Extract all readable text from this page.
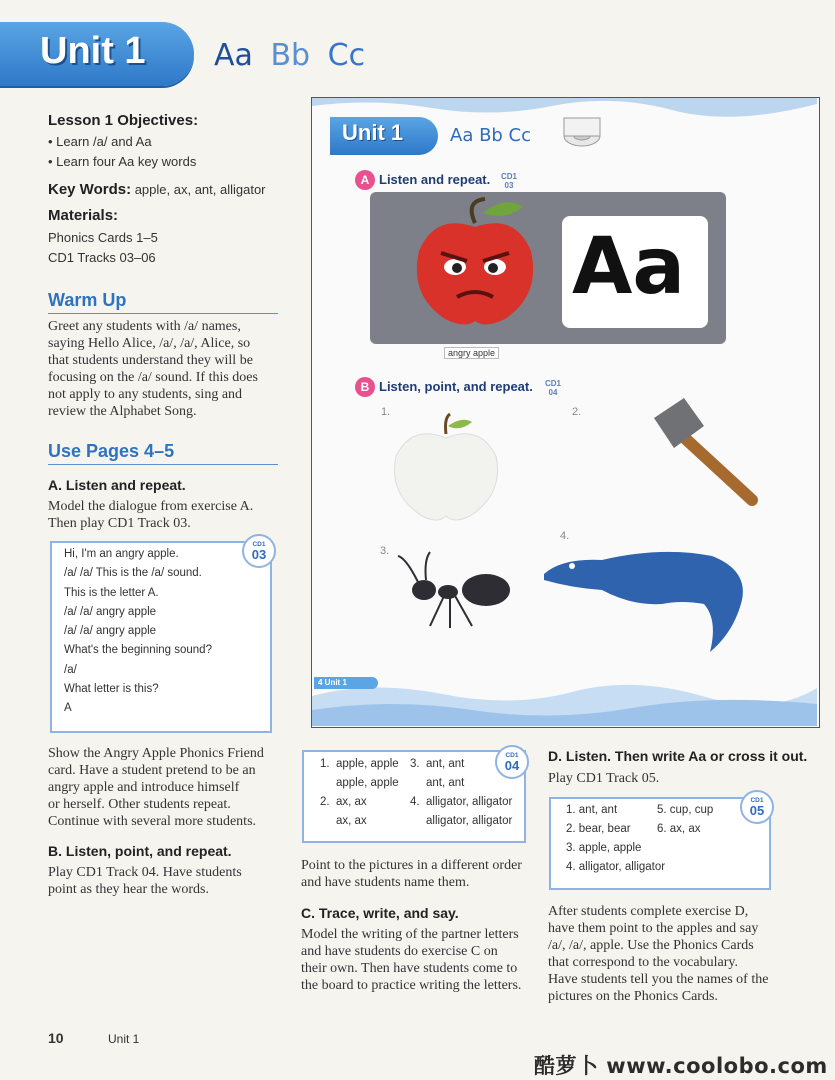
Unit 1 Aa Bb Cc
Lesson 1 Objectives:
• Learn /a/ and Aa
• Learn four Aa key words
Key Words: apple, ax, ant, alligator
Materials:
Phonics Cards 1–5
CD1 Tracks 03–06
Warm Up
Greet any students with /a/ names,
saying Hello Alice, /a/, /a/, Alice, so
that students understand they will be
focusing on the /a/ sound. If this does
not apply to any students, sing and
review the Alphabet Song.
Use Pages 4–5
A. Listen and repeat.
Model the dialogue from exercise A.
Then play CD1 Track 03.
Hi, I'm an angry apple.
/a/ /a/ This is the /a/ sound.
This is the letter A.
/a/ /a/ angry apple
/a/ /a/ angry apple
What's the beginning sound?
/a/
What letter is this?
A
CD1
03
Show the Angry Apple Phonics Friend
card. Have a student pretend to be an
angry apple and introduce himself
or herself. Other students repeat.
Continue with several more students.
B. Listen, point, and repeat.
Play CD1 Track 04. Have students
point as they hear the words.
Unit 1	Aa Bb Cc
A Listen and repeat. CD1 03
Aa
angry apple
B Listen, point, and repeat. CD1 04
1.	2.
3.
4.
4 Unit 1
1. apple, apple
apple, apple
2. ax, ax
ax, ax
3. ant, ant
ant, ant
4. alligator, alligator
alligator, alligator
CD1
04
Point to the pictures in a different order
and have students name them.
C. Trace, write, and say.
Model the writing of the partner letters
and have students do exercise C on
their own. Then have students come to
the board to practice writing the letters.
D. Listen. Then write Aa or cross it out.
Play CD1 Track 05.
1. ant, ant	5. cup, cup
2. bear, bear 6. ax, ax
3. apple, apple
4. alligator, alligator
CD1
05
After students complete exercise D,
have them point to the apples and say
/a/, /a/, apple. Use the Phonics Cards
that correspond to the vocabulary.
Have students tell you the names of the
pictures on the Phonics Cards.
10	Unit 1
酷萝卜 www.coolobo.com
